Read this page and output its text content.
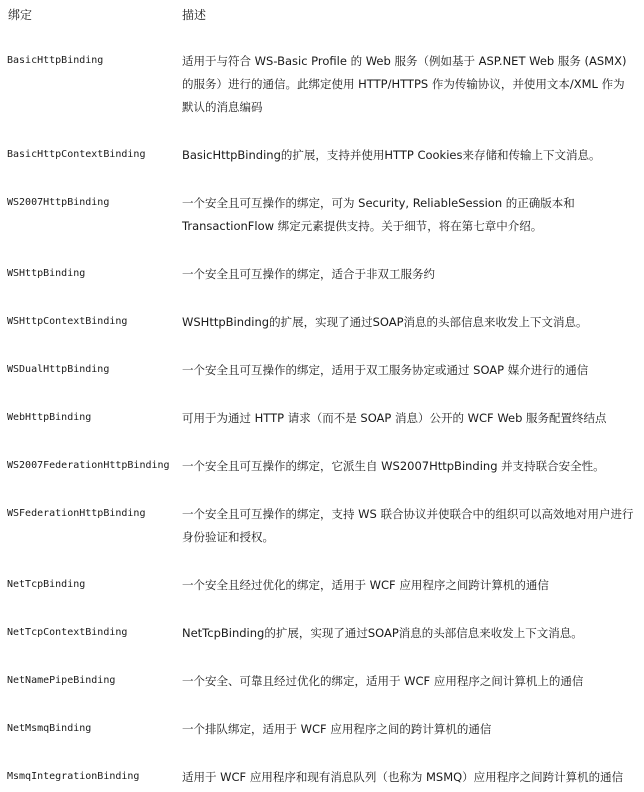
绑定	描述
BasicHttpBinding	适用于与符合 WS-Basic Profile 的 Web 服务（例如基于 ASP.NET Web 服务 (ASMX) 的服务）进行的通信。此绑定使用 HTTP/HTTPS 作为传输协议，并使用文本/XML 作为默认的消息编码
BasicHttpContextBinding	BasicHttpBinding的扩展，支持并使用HTTP Cookies来存储和传输上下文消息。
WS2007HttpBinding	一个安全且可互操作的绑定，可为 Security, ReliableSession 的正确版本和 TransactionFlow 绑定元素提供支持。关于细节，将在第七章中介绍。
WSHttpBinding	一个安全且可互操作的绑定，适合于非双工服务约
WSHttpContextBinding	WSHttpBinding的扩展，实现了通过SOAP消息的头部信息来收发上下文消息。
WSDualHttpBinding	一个安全且可互操作的绑定，适用于双工服务协定或通过 SOAP 媒介进行的通信
WebHttpBinding	可用于为通过 HTTP 请求（而不是 SOAP 消息）公开的 WCF Web 服务配置终结点
WS2007FederationHttpBinding 一个安全且可互操作的绑定，它派生自 WS2007HttpBinding 并支持联合安全性。
WSFederationHttpBinding	一个安全且可互操作的绑定，支持 WS 联合协议并使联合中的组织可以高效地对用户进行身份验证和授权。
NetTcpBinding	一个安全且经过优化的绑定，适用于 WCF 应用程序之间跨计算机的通信
NetTcpContextBinding	NetTcpBinding的扩展，实现了通过SOAP消息的头部信息来收发上下文消息。
NetNamePipeBinding	一个安全、可靠且经过优化的绑定，适用于 WCF 应用程序之间计算机上的通信
NetMsmqBinding	一个排队绑定，适用于 WCF 应用程序之间的跨计算机的通信
MsmqIntegrationBinding	适用于 WCF 应用程序和现有消息队列（也称为 MSMQ）应用程序之间跨计算机的通信
